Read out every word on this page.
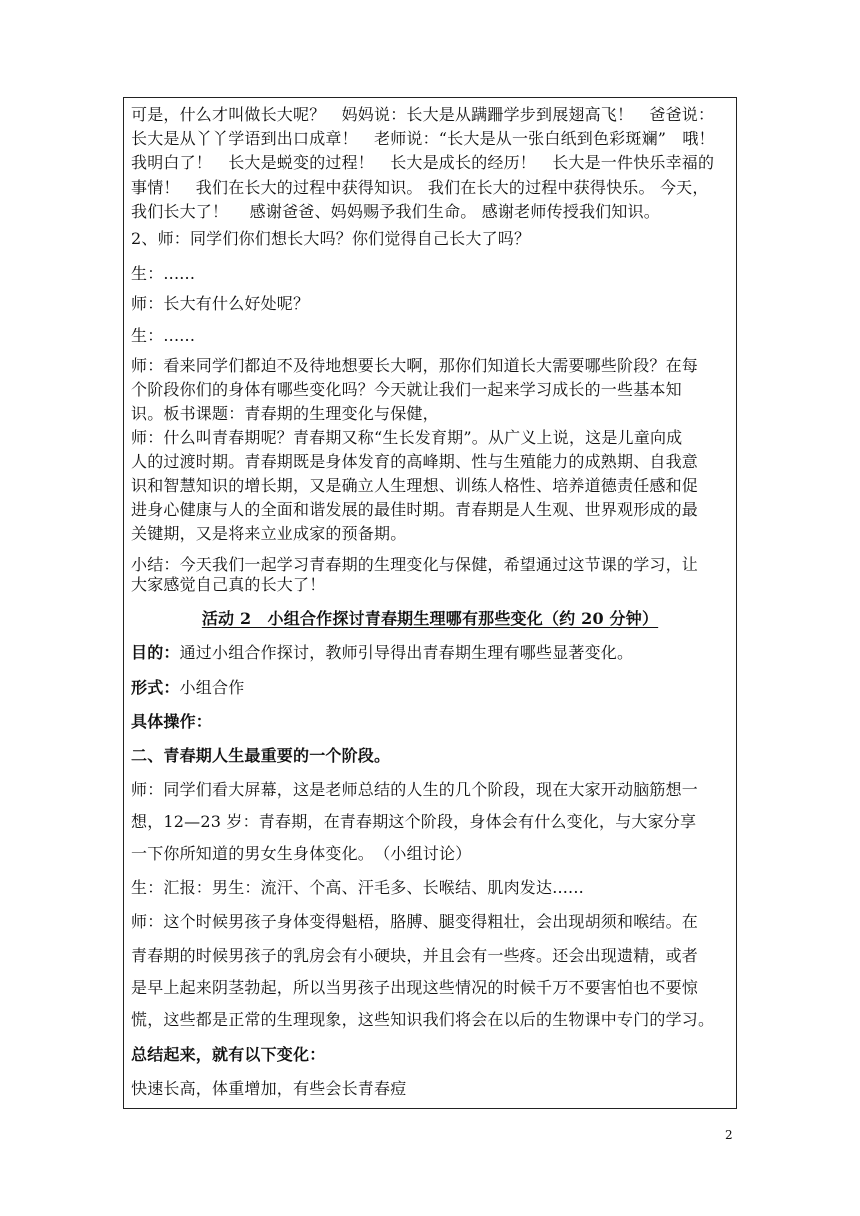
可是，什么才叫做长大呢？　妈妈说：长大是从蹒跚学步到展翅高飞！　爸爸说：

长大是从丫丫学语到出口成章！　老师说：“长大是从一张白纸到色彩斑斓”　哦！

我明白了！　长大是蜕变的过程！　长大是成长的经历！　长大是一件快乐幸福的

事情！　我们在长大的过程中获得知识。 我们在长大的过程中获得快乐。 今天，

我们长大了！　 感谢爸爸、妈妈赐予我们生命。 感谢老师传授我们知识。

2、师：同学们你们想长大吗？你们觉得自己长大了吗？

生：......

师：长大有什么好处呢？

生：......

师：看来同学们都迫不及待地想要长大啊，那你们知道长大需要哪些阶段？在每

个阶段你们的身体有哪些变化吗？今天就让我们一起来学习成长的一些基本知

识。板书课题：青春期的生理变化与保健，

师：什么叫青春期呢？青春期又称“生长发育期”。从广义上说，这是儿童向成

人的过渡时期。青春期既是身体发育的高峰期、性与生殖能力的成熟期、自我意

识和智慧知识的增长期，又是确立人生理想、训练人格性、培养道德责任感和促

进身心健康与人的全面和谐发展的最佳时期。青春期是人生观、世界观形成的最

关键期，又是将来立业成家的预备期。

小结：今天我们一起学习青春期的生理变化与保健，希望通过这节课的学习，让

大家感觉自己真的长大了！

活动 2　小组合作探讨青春期生理哪有那些变化（约 20 分钟）

目的：通过小组合作探讨，教师引导得出青春期生理有哪些显著变化。

形式：小组合作

具体操作：

二、青春期人生最重要的一个阶段。

师：同学们看大屏幕，这是老师总结的人生的几个阶段，现在大家开动脑筋想一

想，12—23 岁：青春期，在青春期这个阶段，身体会有什么变化，与大家分享

一下你所知道的男女生身体变化。　（小组讨论）

生：汇报：男生：流汗、个高、汗毛多、长喉结、肌肉发达......

师：这个时候男孩子身体变得魁梧，胳膊、腿变得粗壮，会出现胡须和喉结。在

青春期的时候男孩子的乳房会有小硬块，并且会有一些疼。还会出现遗精，或者

是早上起来阴茎勃起，所以当男孩子出现这些情况的时候千万不要害怕也不要惊

慌，这些都是正常的生理现象，这些知识我们将会在以后的生物课中专门的学习。

总结起来，就有以下变化：

快速长高，体重增加，有些会长青春痘

2
